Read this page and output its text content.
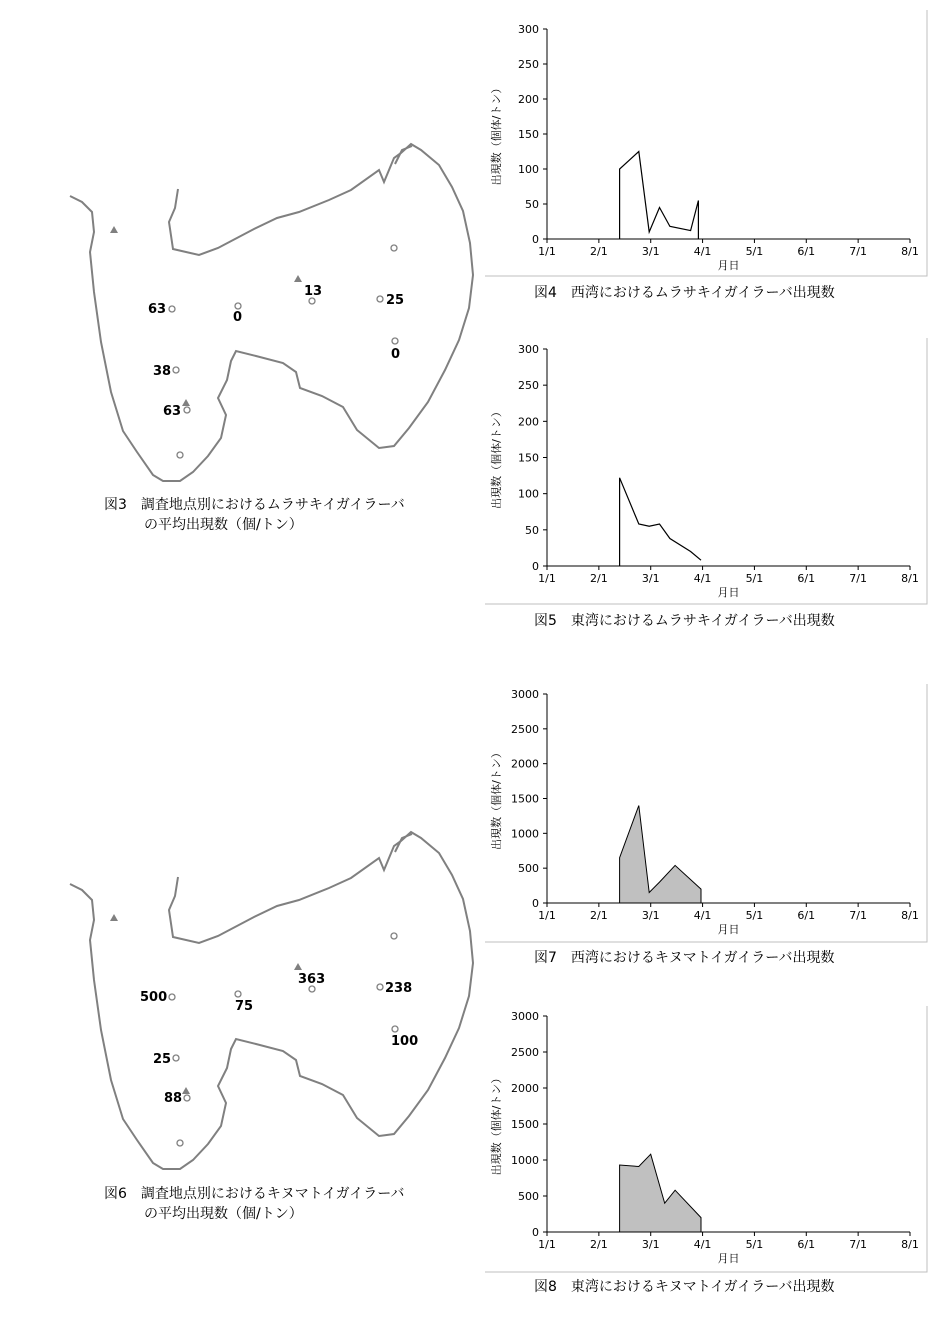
63
0
13
25
0
38
63
500
75
363
238
100
25
88
0
50
100
150
200
250
300
1/1	2/1	3/1	4/1	5/1	6/1	7/1	8/1
月日
出現数（個体/トン）
0
50
100
150
200
250
300
1/1	2/1	3/1	4/1	5/1	6/1	7/1	8/1
月日
出現数（個体/トン）
0
500
1000
1500
2000
2500
3000
1/1	2/1	3/1	4/1	5/1	6/1	7/1	8/1
月日
出現数（個体/トン）
0
500
1000
1500
2000
2500
3000
1/1	2/1	3/1	4/1	5/1	6/1	7/1	8/1
月日
出現数（個体/トン）
図3　調査地点別におけるムラサキイガイラーバ
の平均出現数（個/トン）
図6　調査地点別におけるキヌマトイガイラーバ
の平均出現数（個/トン）
図4　西湾におけるムラサキイガイラーバ出現数
図5　東湾におけるムラサキイガイラーバ出現数
図7　西湾におけるキヌマトイガイラーバ出現数
図8　東湾におけるキヌマトイガイラーバ出現数
